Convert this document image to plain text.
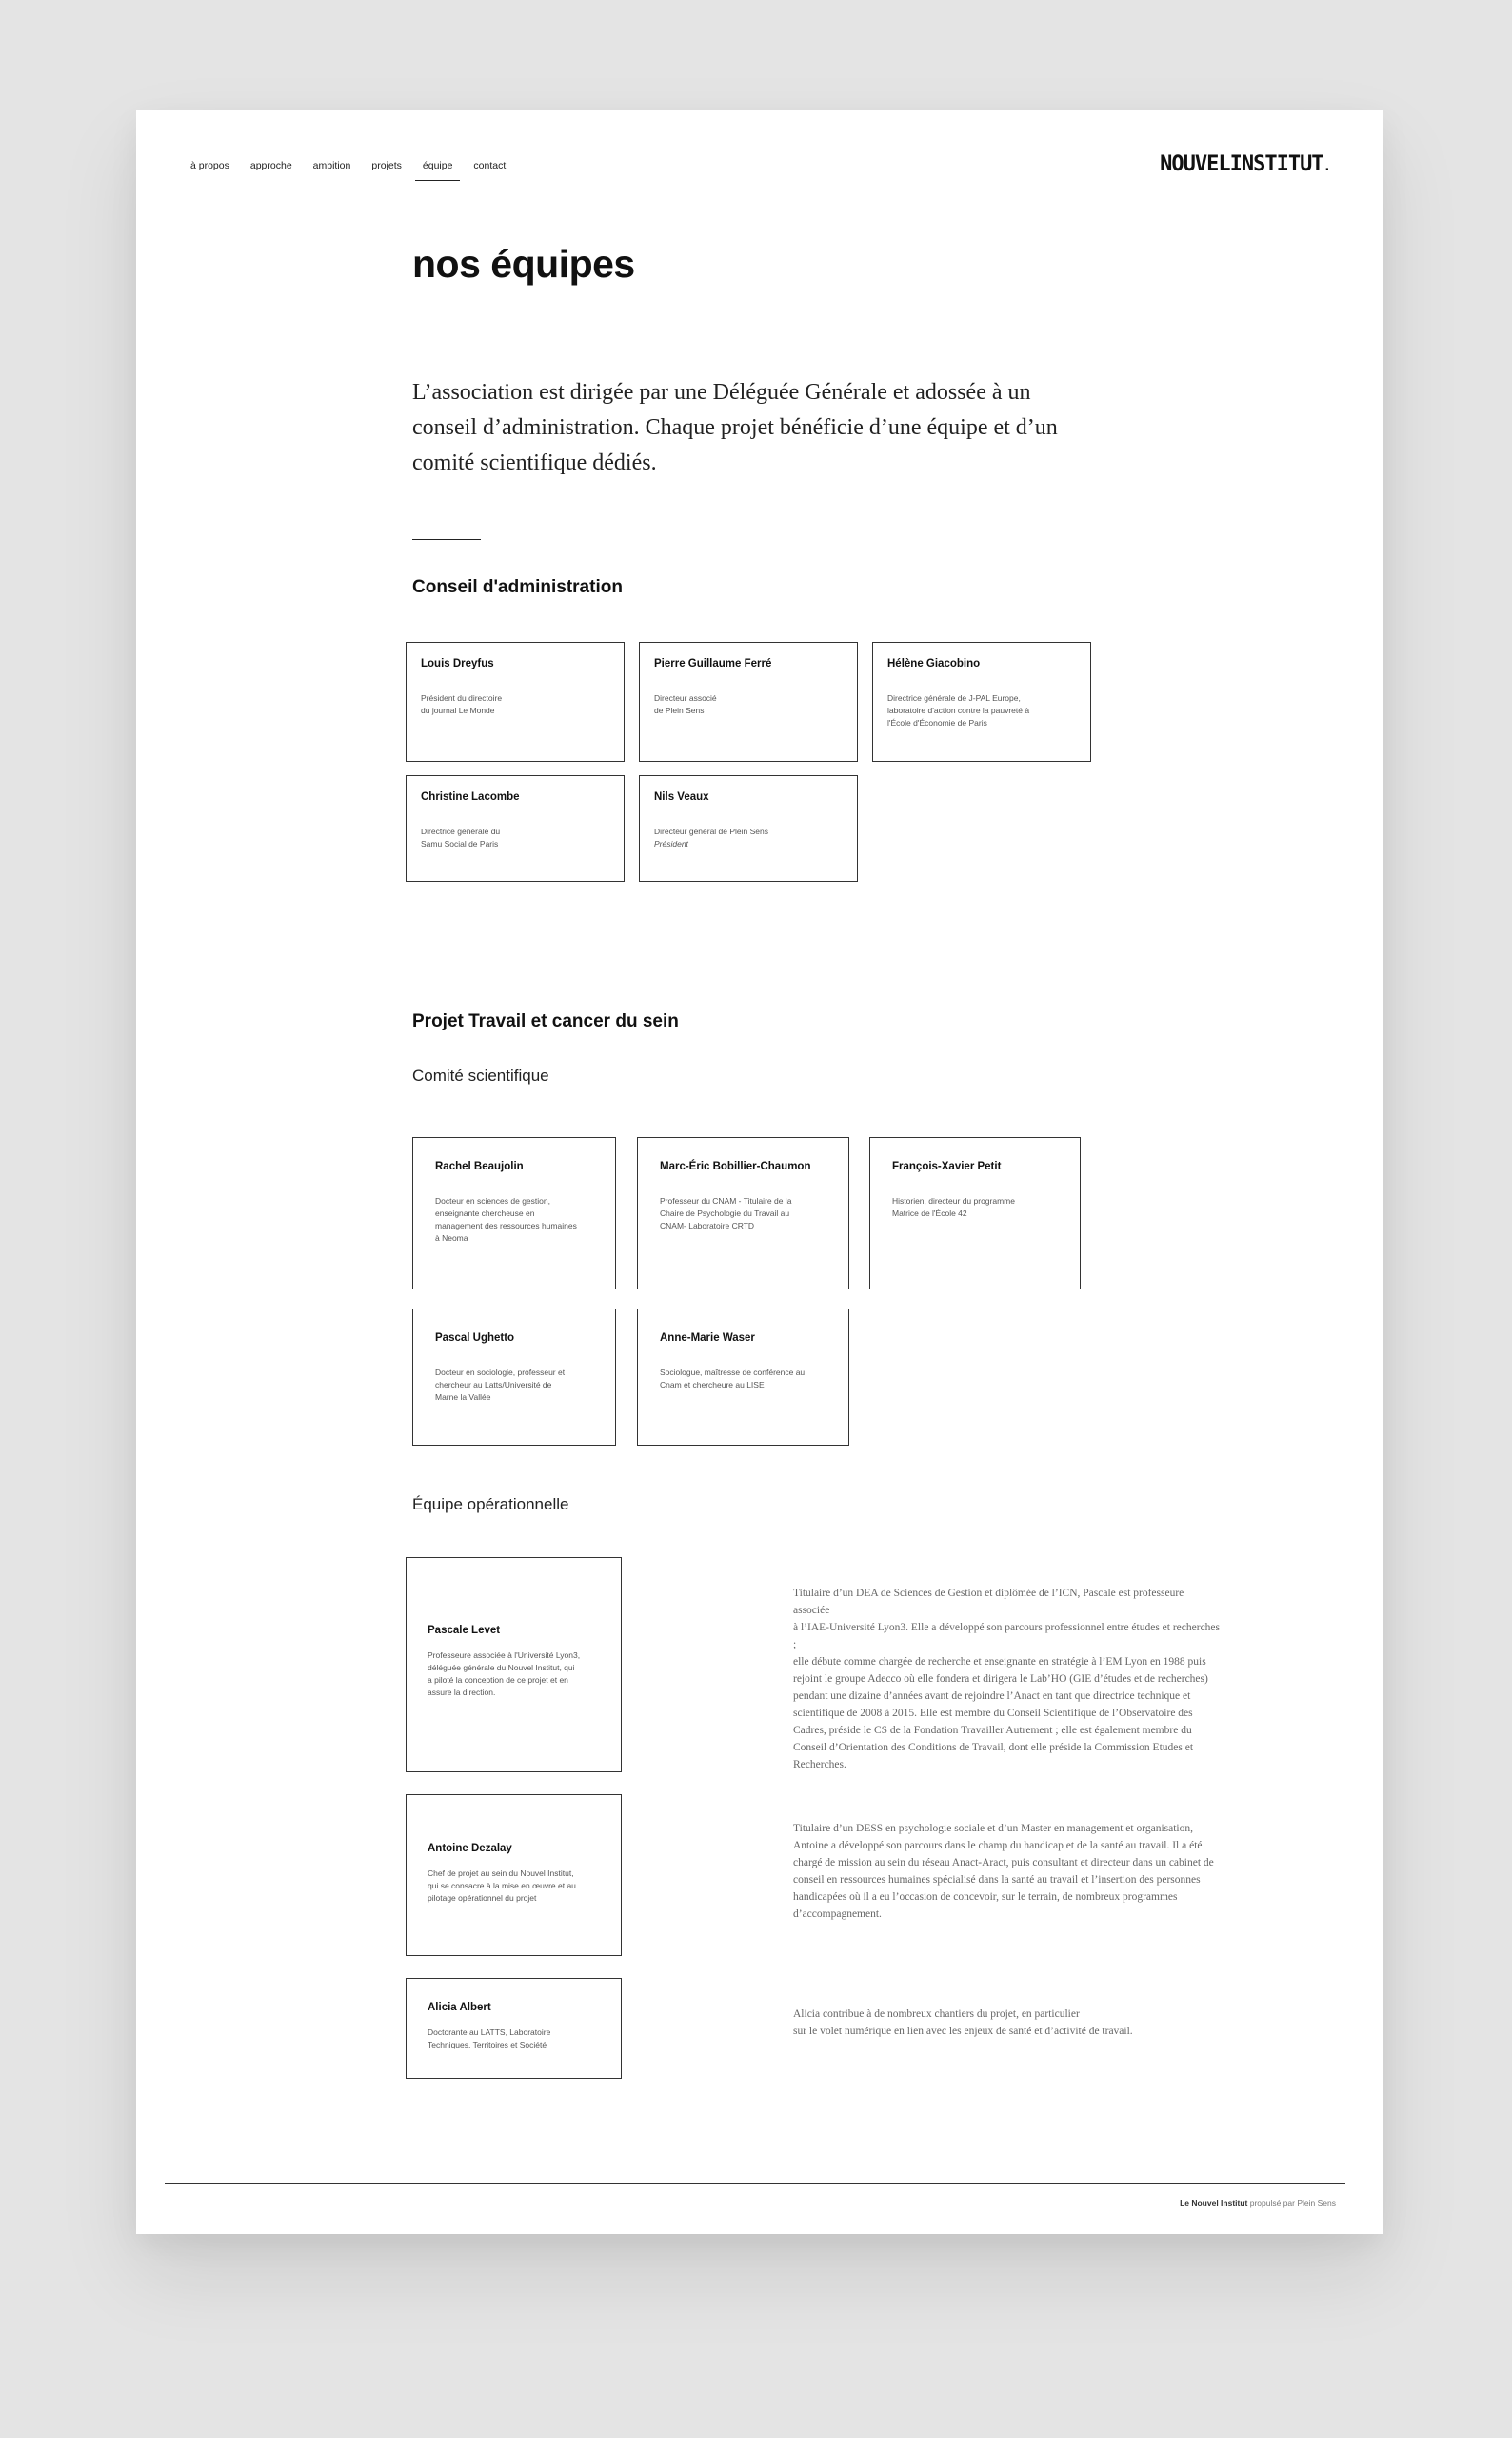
à propos approche ambition projets équipe contact	NOUVELINSTITUT.
nos équipes

L’association est dirigée par une Déléguée Générale et adossée à un conseil d’administration. Chaque projet bénéficie d’une équipe et d’un comité scientifique dédiés.

Conseil d'administration
Louis Dreyfus
Président du directoire
du journal Le Monde
Pierre Guillaume Ferré
Directeur associé
de Plein Sens
Hélène Giacobino
Directrice générale de J-PAL Europe,
laboratoire d'action contre la pauvreté à
l'École d'Économie de Paris
Christine Lacombe
Directrice générale du
Samu Social de Paris
Nils Veaux
Directeur général de Plein Sens
Président
Projet Travail et cancer du sein
Comité scientifique
Rachel Beaujolin
Docteur en sciences de gestion,
enseignante chercheuse en
management des ressources humaines
à Neoma
Marc-Éric Bobillier-Chaumon
Professeur du CNAM - Titulaire de la
Chaire de Psychologie du Travail au
CNAM- Laboratoire CRTD
François-Xavier Petit
Historien, directeur du programme
Matrice de l'École 42
Pascal Ughetto
Docteur en sociologie, professeur et
chercheur au Latts/Université de
Marne la Vallée
Anne-Marie Waser
Sociologue, maîtresse de conférence au
Cnam et chercheure au LISE
Équipe opérationnelle
Pascale Levet
Professeure associée à l'Université Lyon3,
déléguée générale du Nouvel Institut, qui
a piloté la conception de ce projet et en
assure la direction.
Antoine Dezalay
Chef de projet au sein du Nouvel Institut,
qui se consacre à la mise en œuvre et au
pilotage opérationnel du projet
Alicia Albert
Doctorante au LATTS, Laboratoire
Techniques, Territoires et Société
Titulaire d’un DEA de Sciences de Gestion et diplômée de l’ICN, Pascale est professeure associée
à l’IAE-Université Lyon3. Elle a développé son parcours professionnel entre études et recherches ;
elle débute comme chargée de recherche et enseignante en stratégie à l’EM Lyon en 1988 puis
rejoint le groupe Adecco où elle fondera et dirigera le Lab’HO (GIE d’études et de recherches)
pendant une dizaine d’années avant de rejoindre l’Anact en tant que directrice technique et
scientifique de 2008 à 2015. Elle est membre du Conseil Scientifique de l’Observatoire des
Cadres, préside le CS de la Fondation Travailler Autrement ; elle est également membre du
Conseil d’Orientation des Conditions de Travail, dont elle préside la Commission Etudes et
Recherches.
Titulaire d’un DESS en psychologie sociale et d’un Master en management et organisation,
Antoine a développé son parcours dans le champ du handicap et de la santé au travail. Il a été
chargé de mission au sein du réseau Anact-Aract, puis consultant et directeur dans un cabinet de
conseil en ressources humaines spécialisé dans la santé au travail et l’insertion des personnes
handicapées où il a eu l’occasion de concevoir, sur le terrain, de nombreux programmes
d’accompagnement.
Alicia contribue à de nombreux chantiers du projet, en particulier
sur le volet numérique en lien avec les enjeux de santé et d’activité de travail.
Le Nouvel Institut propulsé par Plein Sens
